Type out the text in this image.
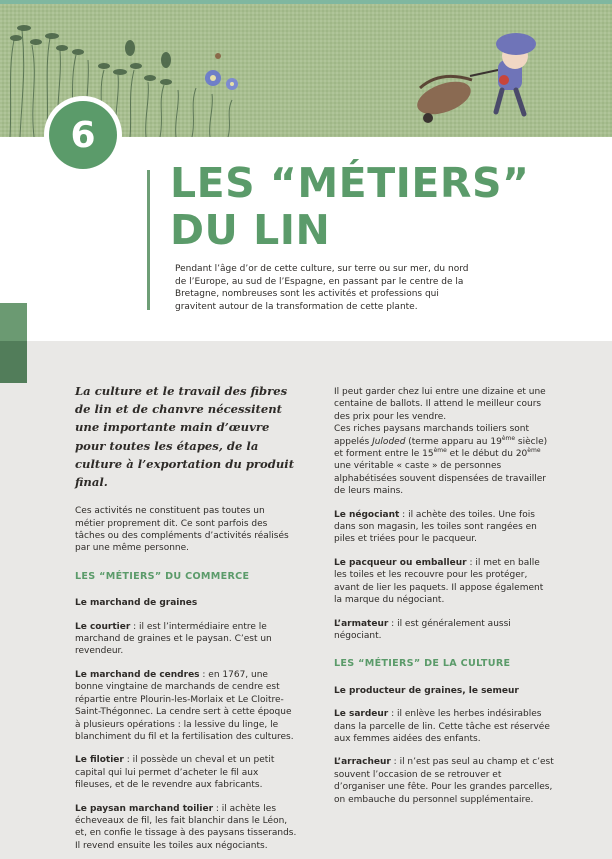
6
LES “MÉTIERS”
DU LIN

Pendant l’âge d’or de cette culture, sur terre ou sur mer, du nord de l’Europe, au sud de l’Espagne, en passant par le centre de la Bretagne, nombreuses sont les activités et professions qui gravitent autour de la transformation de cette plante.

La culture et le travail des fibres de lin et de chanvre nécessitent une importante main d’œuvre pour toutes les étapes, de la culture à l’exportation du produit final.

Ces activités ne constituent pas toutes un métier proprement dit. Ce sont parfois des tâches ou des compléments d’activités réalisés par une même personne.

LES “MÉTIERS” DU COMMERCE

Le marchand de graines

Le courtier : il est l’intermédiaire entre le marchand de graines et le paysan. C’est un revendeur.

Le marchand de cendres : en 1767, une bonne vingtaine de marchands de cendre est répartie entre Plourin-les-Morlaix et Le Cloitre-Saint-Thégonnec. La cendre sert à cette époque à plusieurs opérations : la lessive du linge, le blanchiment du fil et la fertilisation des cultures.

Le filotier : il possède un cheval et un petit capital qui lui permet d’acheter le fil aux fileuses, et de le revendre aux fabricants.

Le paysan marchand toilier : il achète les écheveaux de fil, les fait blanchir dans le Léon, et, en confie le tissage à des paysans tisserands. Il revend ensuite les toiles aux négociants.

Il peut garder chez lui entre une dizaine et une centaine de ballots. Il attend le meilleur cours des prix pour les vendre.

Ces riches paysans marchands toiliers sont appelés Juloded (terme apparu au 19ème siècle) et forment entre le 15ème et le début du 20ème une véritable « caste » de personnes alphabétisées souvent dispensées de travailler de leurs mains.

Le négociant : il achète des toiles. Une fois dans son magasin, les toiles sont rangées en piles et triées pour le pacqueur.

Le pacqueur ou emballeur : il met en balle les toiles et les recouvre pour les protéger, avant de lier les paquets. Il appose également la marque du négociant.

L’armateur : il est généralement aussi négociant.

LES “MÉTIERS” DE LA CULTURE

Le producteur de graines, le semeur

Le sardeur : il enlève les herbes indésirables dans la parcelle de lin. Cette tâche est réservée aux femmes aidées des enfants.

L’arracheur : il n’est pas seul au champ et c’est souvent l’occasion de se retrouver et d’organiser une fête. Pour les grandes parcelles, on embauche du personnel supplémentaire.
